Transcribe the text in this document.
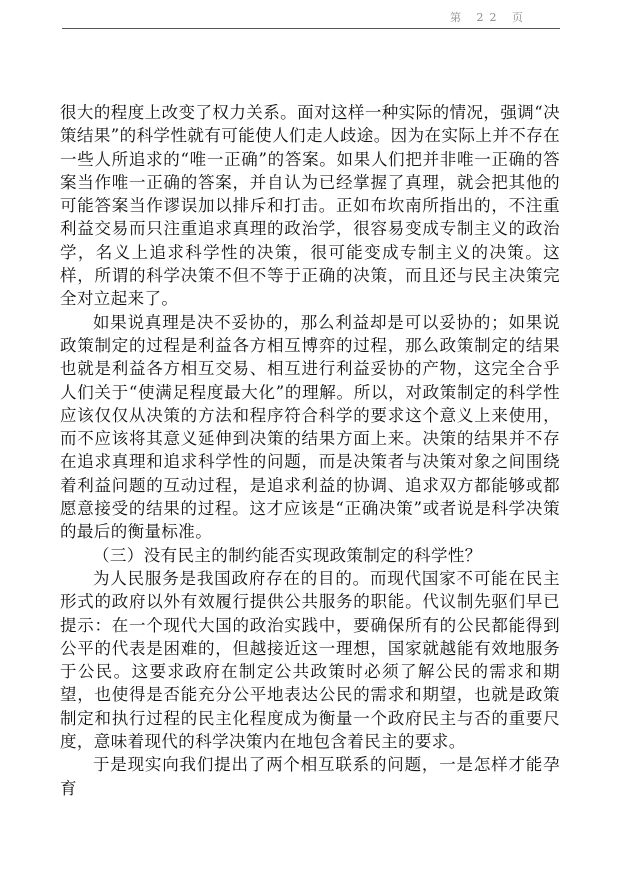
第 22 页

很大的程度上改变了权力关系。面对这样一种实际的情况，强调“决策结果”的科学性就有可能使人们走人歧途。因为在实际上并不存在一些人所追求的“唯一正确”的答案。如果人们把并非唯一正确的答案当作唯一正确的答案，并自认为已经掌握了真理，就会把其他的可能答案当作谬误加以排斥和打击。正如布坎南所指出的，不注重利益交易而只注重追求真理的政治学，很容易变成专制主义的政治学，名义上追求科学性的决策，很可能变成专制主义的决策。这样，所谓的科学决策不但不等于正确的决策，而且还与民主决策完全对立起来了。

如果说真理是决不妥协的，那么利益却是可以妥协的；如果说政策制定的过程是利益各方相互博弈的过程，那么政策制定的结果也就是利益各方相互交易、相互进行利益妥协的产物，这完全合乎人们关于“使满足程度最大化”的理解。所以，对政策制定的科学性应该仅仅从决策的方法和程序符合科学的要求这个意义上来使用，而不应该将其意义延伸到决策的结果方面上来。决策的结果并不存在追求真理和追求科学性的问题，而是决策者与决策对象之间围绕着利益问题的互动过程，是追求利益的协调、追求双方都能够或都愿意接受的结果的过程。这才应该是“正确决策”或者说是科学决策的最后的衡量标准。

（三）没有民主的制约能否实现政策制定的科学性？

为人民服务是我国政府存在的目的。而现代国家不可能在民主形式的政府以外有效履行提供公共服务的职能。代议制先驱们早已提示：在一个现代大国的政治实践中，要确保所有的公民都能得到公平的代表是困难的，但越接近这一理想，国家就越能有效地服务于公民。这要求政府在制定公共政策时必须了解公民的需求和期望，也使得是否能充分公平地表达公民的需求和期望，也就是政策制定和执行过程的民主化程度成为衡量一个政府民主与否的重要尺度，意味着现代的科学决策内在地包含着民主的要求。

于是现实向我们提出了两个相互联系的问题，一是怎样才能孕育
